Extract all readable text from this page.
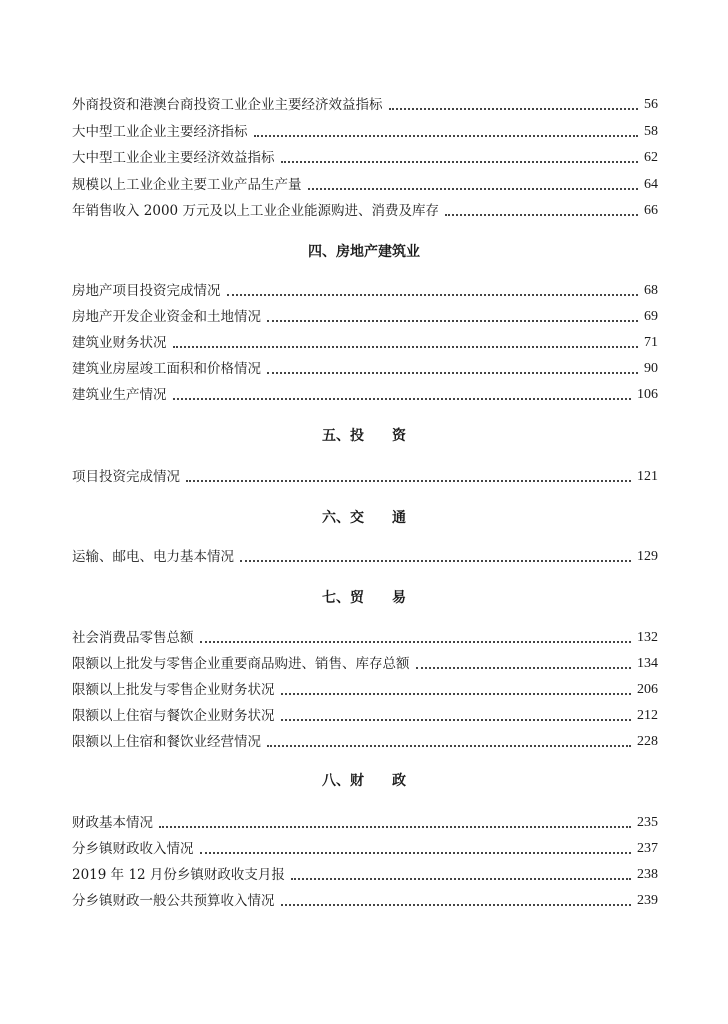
外商投资和港澳台商投资工业企业主要经济效益指标	56
大中型工业企业主要经济指标	58
大中型工业企业主要经济效益指标	62
规模以上工业企业主要工业产品生产量	64
年销售收入 2000 万元及以上工业企业能源购进、消费及库存	66
四、房地产建筑业
房地产项目投资完成情况	68
房地产开发企业资金和土地情况	69
建筑业财务状况	71
建筑业房屋竣工面积和价格情况	90
建筑业生产情况	106
五、投　　资
项目投资完成情况	121
六、交　　通
运输、邮电、电力基本情况	129
七、贸　　易
社会消费品零售总额	132
限额以上批发与零售企业重要商品购进、销售、库存总额	134
限额以上批发与零售企业财务状况	206
限额以上住宿与餐饮企业财务状况	212
限额以上住宿和餐饮业经营情况	228
八、财　　政
财政基本情况	235
分乡镇财政收入情况	237
2019 年 12 月份乡镇财政收支月报	238
分乡镇财政一般公共预算收入情况	239
